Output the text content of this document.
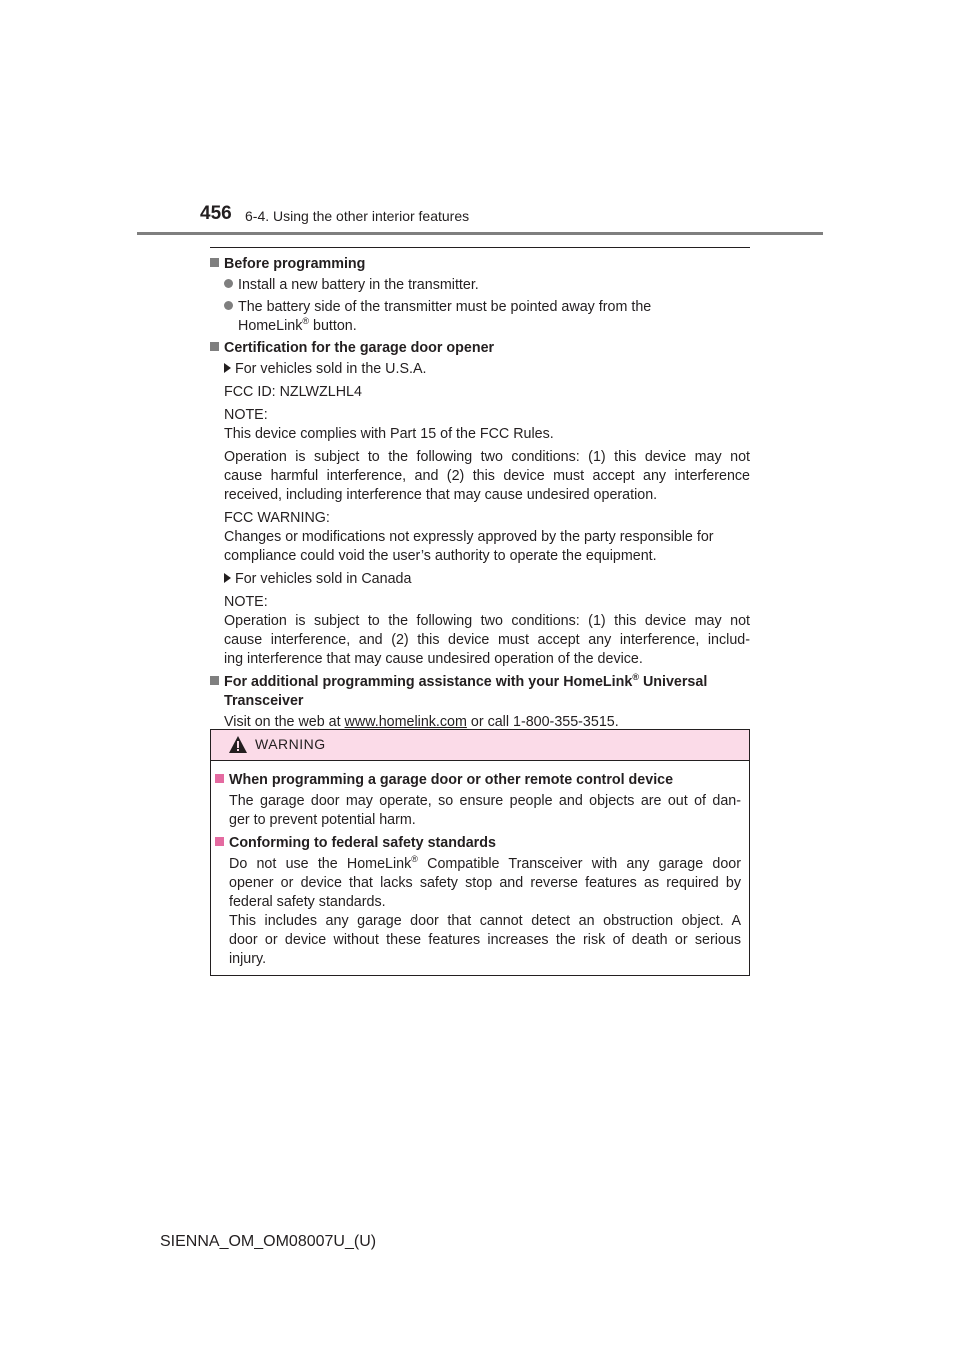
456 6-4. Using the other interior features
Before programming
Install a new battery in the transmitter.
The battery side of the transmitter must be pointed away from the
HomeLink® button.
Certification for the garage door opener
For vehicles sold in the U.S.A.
FCC ID: NZLWZLHL4
NOTE:
This device complies with Part 15 of the FCC Rules.
Operation is subject to the following two conditions: (1) this device may not
cause harmful interference, and (2) this device must accept any interference
received, including interference that may cause undesired operation.
FCC WARNING:
Changes or modifications not expressly approved by the party responsible for
compliance could void the user’s authority to operate the equipment.
For vehicles sold in Canada
NOTE:
Operation is subject to the following two conditions: (1) this device may not
cause interference, and (2) this device must accept any interference, includ-
ing interference that may cause undesired operation of the device.
For additional programming assistance with your HomeLink® Universal
Transceiver
Visit on the web at www.homelink.com or call 1-800-355-3515.
WARNING
When programming a garage door or other remote control device
The garage door may operate, so ensure people and objects are out of dan-
ger to prevent potential harm.
Conforming to federal safety standards
Do not use the HomeLink® Compatible Transceiver with any garage door
opener or device that lacks safety stop and reverse features as required by
federal safety standards.
This includes any garage door that cannot detect an obstruction object. A
door or device without these features increases the risk of death or serious
injury.
SIENNA_OM_OM08007U_(U)
